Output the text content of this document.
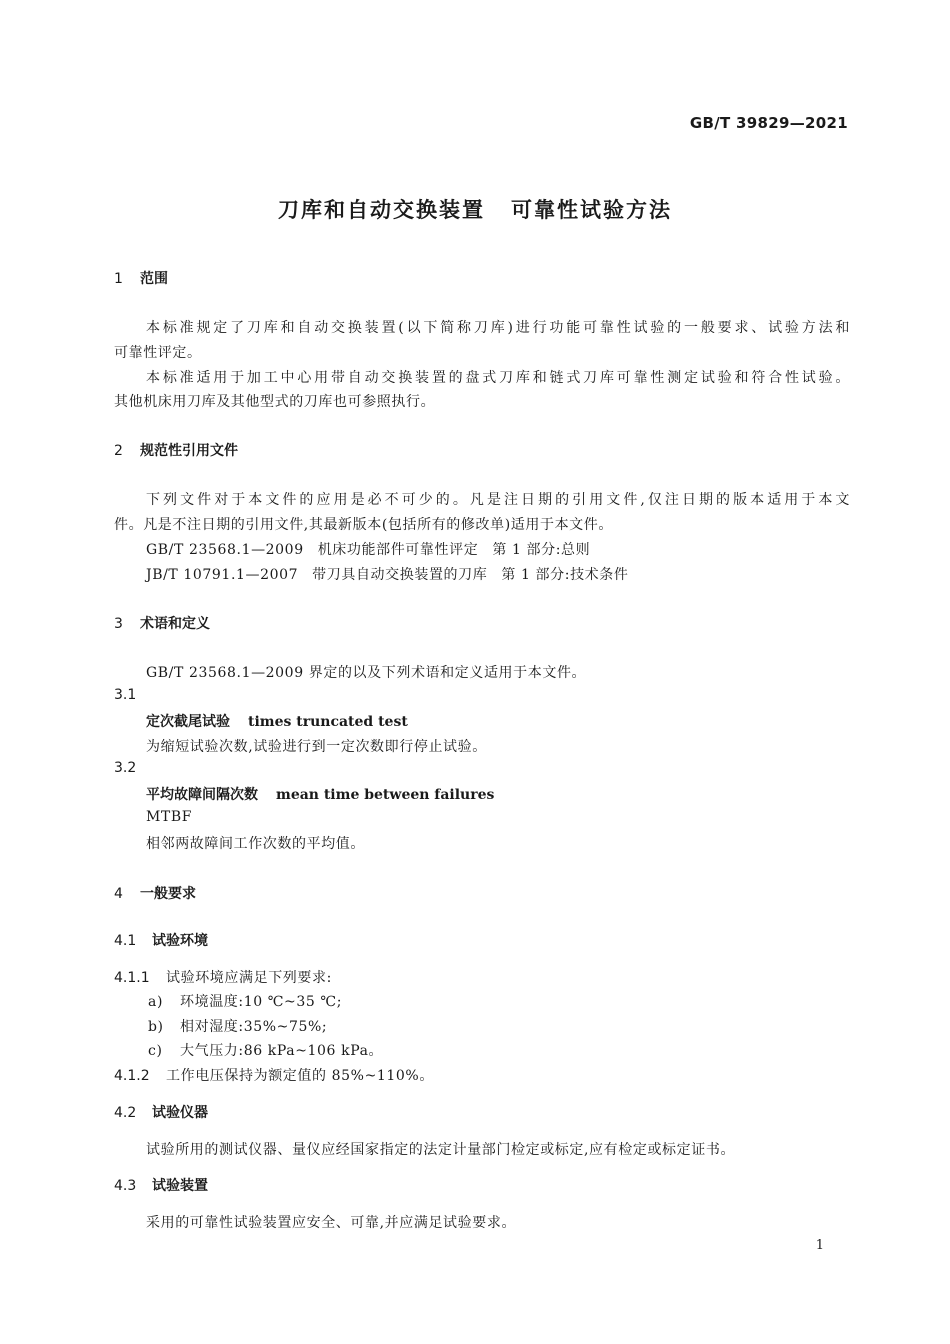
GB/T 39829—2021
刀库和自动交换装置 可靠性试验方法
1 范围
本标准规定了刀库和自动交换装置(以下简称刀库)进行功能可靠性试验的一般要求、试验方法和
可靠性评定。
本标准适用于加工中心用带自动交换装置的盘式刀库和链式刀库可靠性测定试验和符合性试验。
其他机床用刀库及其他型式的刀库也可参照执行。
2 规范性引用文件
下列文件对于本文件的应用是必不可少的。凡是注日期的引用文件,仅注日期的版本适用于本文
件。凡是不注日期的引用文件,其最新版本(包括所有的修改单)适用于本文件。
GB/T 23568.1—2009 机床功能部件可靠性评定 第 1 部分:总则
JB/T 10791.1—2007 带刀具自动交换装置的刀库 第 1 部分:技术条件
3 术语和定义
GB/T 23568.1—2009 界定的以及下列术语和定义适用于本文件。
3.1
定次截尾试验 times truncated test
为缩短试验次数,试验进行到一定次数即行停止试验。
3.2
平均故障间隔次数 mean time between failures
MTBF
相邻两故障间工作次数的平均值。
4 一般要求
4.1 试验环境
4.1.1 试验环境应满足下列要求:
a) 环境温度:10 ℃~35 ℃;
b) 相对湿度:35%~75%;
c) 大气压力:86 kPa~106 kPa。
4.1.2 工作电压保持为额定值的 85%~110%。
4.2 试验仪器
试验所用的测试仪器、量仪应经国家指定的法定计量部门检定或标定,应有检定或标定证书。
4.3 试验装置
采用的可靠性试验装置应安全、可靠,并应满足试验要求。
1
